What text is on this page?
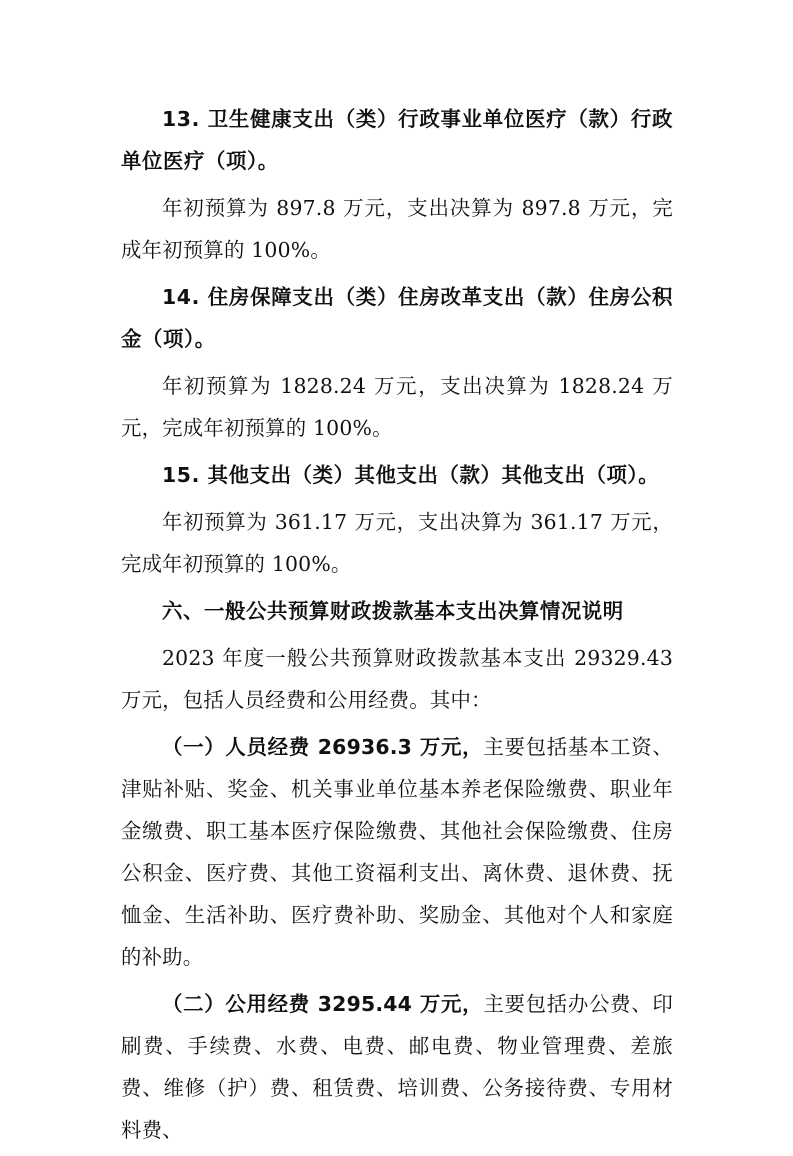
13. 卫生健康支出（类）行政事业单位医疗（款）行政单位医疗（项）。

年初预算为 897.8 万元，支出决算为 897.8 万元，完成年初预算的 100%。

14. 住房保障支出（类）住房改革支出（款）住房公积金（项）。

年初预算为 1828.24 万元，支出决算为 1828.24 万元，完成年初预算的 100%。

15. 其他支出（类）其他支出（款）其他支出（项）。

年初预算为 361.17 万元，支出决算为 361.17 万元，完成年初预算的 100%。

六、一般公共预算财政拨款基本支出决算情况说明

2023 年度一般公共预算财政拨款基本支出 29329.43 万元，包括人员经费和公用经费。其中：

（一）人员经费 26936.3 万元，主要包括基本工资、津贴补贴、奖金、机关事业单位基本养老保险缴费、职业年金缴费、职工基本医疗保险缴费、其他社会保险缴费、住房公积金、医疗费、其他工资福利支出、离休费、退休费、抚恤金、生活补助、医疗费补助、奖励金、其他对个人和家庭的补助。

（二）公用经费 3295.44 万元，主要包括办公费、印刷费、手续费、水费、电费、邮电费、物业管理费、差旅费、维修（护）费、租赁费、培训费、公务接待费、专用材料费、
